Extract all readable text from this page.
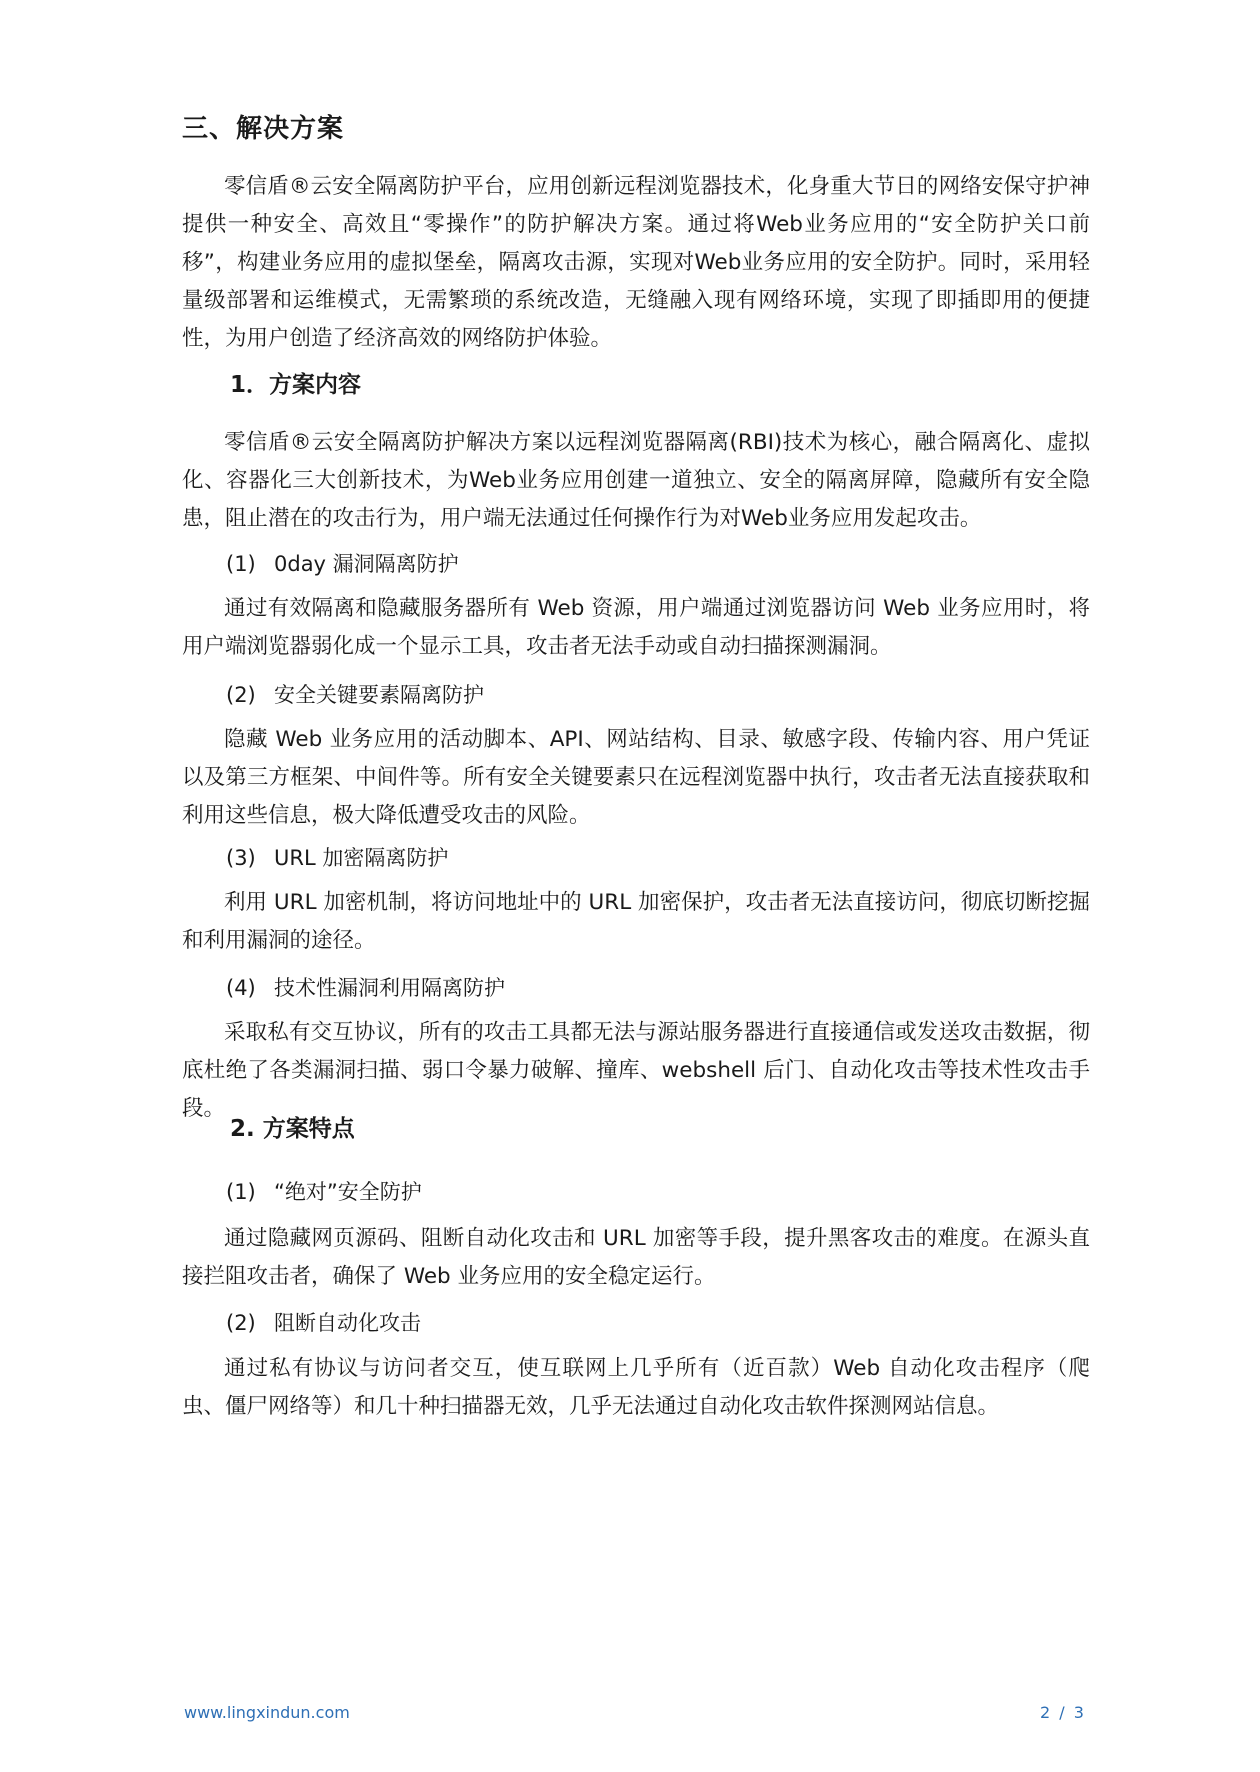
三、解决方案

零信盾®云安全隔离防护平台，应用创新远程浏览器技术，化身重大节日的网络安保守护神提供一种安全、高效且“零操作”的防护解决方案。通过将Web业务应用的“安全防护关口前移”，构建业务应用的虚拟堡垒，隔离攻击源，实现对Web业务应用的安全防护。同时，采用轻量级部署和运维模式，无需繁琐的系统改造，无缝融入现有网络环境，实现了即插即用的便捷性，为用户创造了经济高效的网络防护体验。

1．方案内容

零信盾®云安全隔离防护解决方案以远程浏览器隔离(RBI)技术为核心，融合隔离化、虚拟化、容器化三大创新技术，为Web业务应用创建一道独立、安全的隔离屏障，隐藏所有安全隐患，阻止潜在的攻击行为，用户端无法通过任何操作行为对Web业务应用发起攻击。

(1) 0day 漏洞隔离防护

通过有效隔离和隐藏服务器所有 Web 资源，用户端通过浏览器访问 Web 业务应用时，将用户端浏览器弱化成一个显示工具，攻击者无法手动或自动扫描探测漏洞。

(2) 安全关键要素隔离防护

隐藏 Web 业务应用的活动脚本、API、网站结构、目录、敏感字段、传输内容、用户凭证以及第三方框架、中间件等。所有安全关键要素只在远程浏览器中执行，攻击者无法直接获取和利用这些信息，极大降低遭受攻击的风险。

(3) URL 加密隔离防护

利用 URL 加密机制，将访问地址中的 URL 加密保护，攻击者无法直接访问，彻底切断挖掘和利用漏洞的途径。

(4) 技术性漏洞利用隔离防护

采取私有交互协议，所有的攻击工具都无法与源站服务器进行直接通信或发送攻击数据，彻底杜绝了各类漏洞扫描、弱口令暴力破解、撞库、webshell 后门、自动化攻击等技术性攻击手段。

2. 方案特点
(1) “绝对”安全防护

通过隐藏网页源码、阻断自动化攻击和 URL 加密等手段，提升黑客攻击的难度。在源头直接拦阻攻击者，确保了 Web 业务应用的安全稳定运行。

(2) 阻断自动化攻击

通过私有协议与访问者交互，使互联网上几乎所有（近百款）Web 自动化攻击程序（爬虫、僵尸网络等）和几十种扫描器无效，几乎无法通过自动化攻击软件探测网站信息。

www.lingxindun.com	2 / 3
